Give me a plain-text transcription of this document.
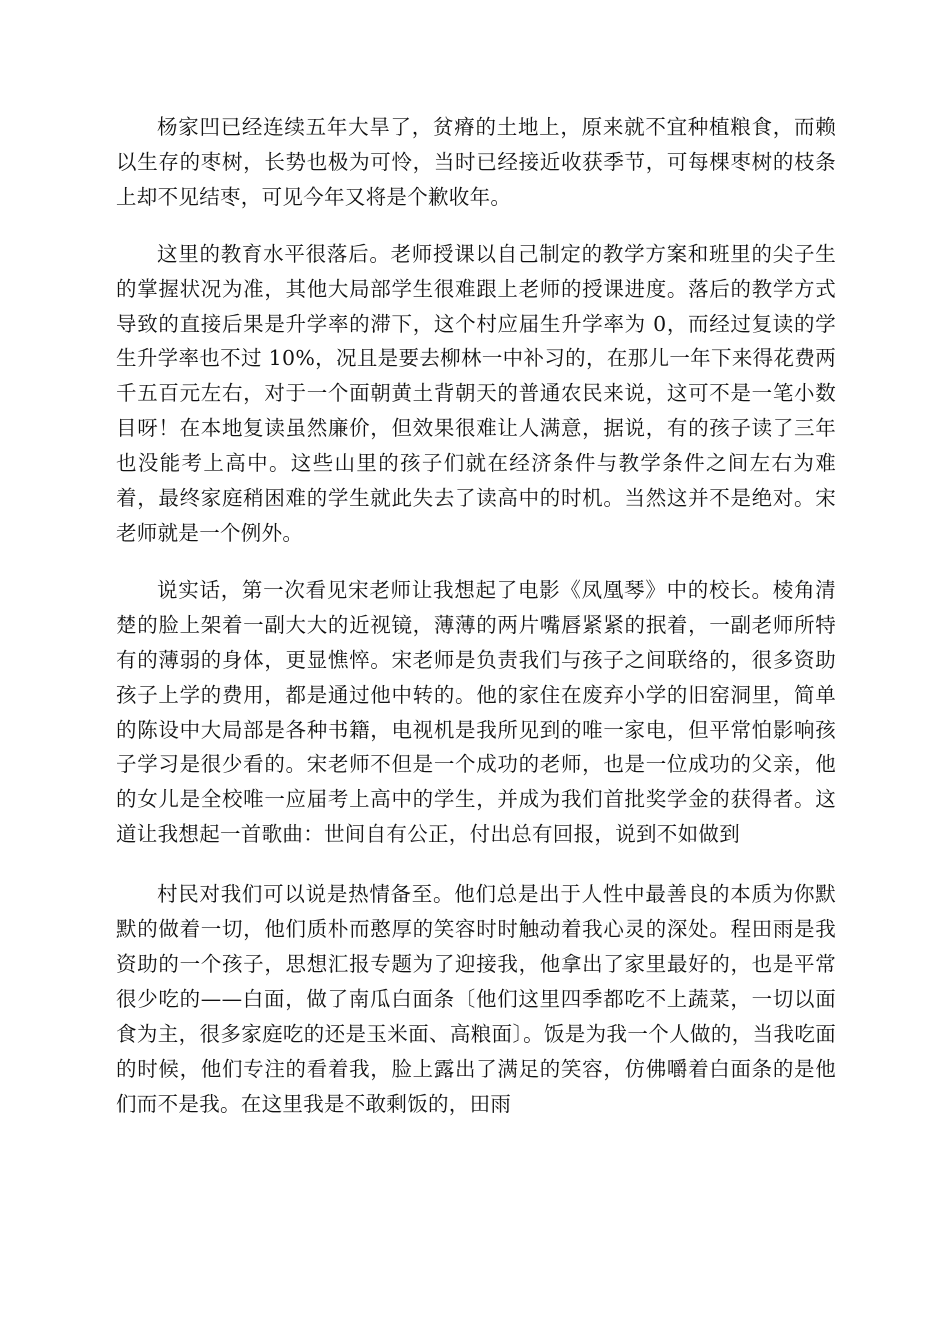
杨家凹已经连续五年大旱了，贫瘠的土地上，原来就不宜种植粮食，而赖以生存的枣树，长势也极为可怜，当时已经接近收获季节，可每棵枣树的枝条上却不见结枣，可见今年又将是个歉收年。

这里的教育水平很落后。老师授课以自己制定的教学方案和班里的尖子生的掌握状况为准，其他大局部学生很难跟上老师的授课进度。落后的教学方式导致的直接后果是升学率的滞下，这个村应届生升学率为 0，而经过复读的学生升学率也不过 10%，况且是要去柳林一中补习的，在那儿一年下来得花费两千五百元左右，对于一个面朝黄土背朝天的普通农民来说，这可不是一笔小数目呀！在本地复读虽然廉价，但效果很难让人满意，据说，有的孩子读了三年也没能考上高中。这些山里的孩子们就在经济条件与教学条件之间左右为难着，最终家庭稍困难的学生就此失去了读高中的时机。当然这并不是绝对。宋老师就是一个例外。

说实话，第一次看见宋老师让我想起了电影《凤凰琴》中的校长。棱角清楚的脸上架着一副大大的近视镜，薄薄的两片嘴唇紧紧的抿着，一副老师所特有的薄弱的身体，更显憔悴。宋老师是负责我们与孩子之间联络的，很多资助孩子上学的费用，都是通过他中转的。他的家住在废弃小学的旧窑洞里，简单的陈设中大局部是各种书籍，电视机是我所见到的唯一家电，但平常怕影响孩子学习是很少看的。宋老师不但是一个成功的老师，也是一位成功的父亲，他的女儿是全校唯一应届考上高中的学生，并成为我们首批奖学金的获得者。这道让我想起一首歌曲：世间自有公正，付出总有回报，说到不如做到

村民对我们可以说是热情备至。他们总是出于人性中最善良的本质为你默默的做着一切，他们质朴而憨厚的笑容时时触动着我心灵的深处。程田雨是我资助的一个孩子，思想汇报专题为了迎接我，他拿出了家里最好的，也是平常很少吃的——白面，做了南瓜白面条〔他们这里四季都吃不上蔬菜，一切以面食为主，很多家庭吃的还是玉米面、高粮面〕。饭是为我一个人做的，当我吃面的时候，他们专注的看着我，脸上露出了满足的笑容，仿佛嚼着白面条的是他们而不是我。在这里我是不敢剩饭的，田雨
